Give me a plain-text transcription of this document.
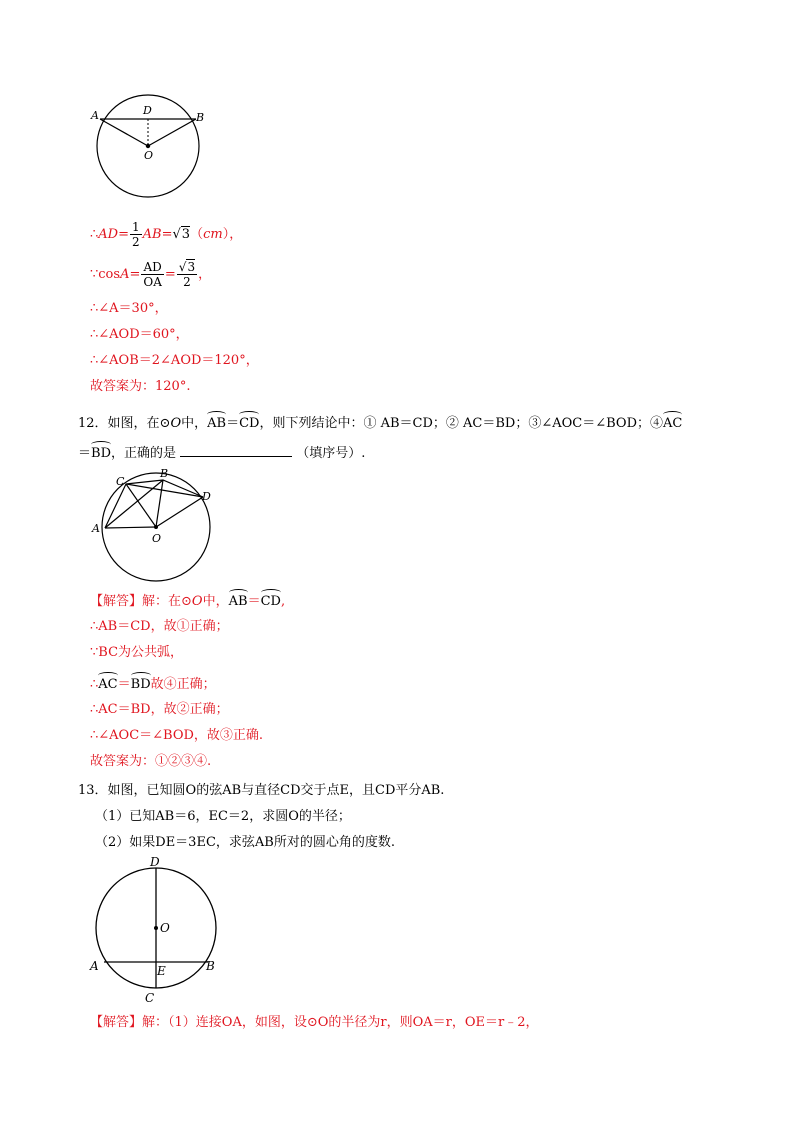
A	B
D
O
∴AD= $\frac{1}{2} AB=√3(cm)$，
∵cosA= $\frac{AD}{OA} = \frac{√3}{2}$ ，
∴∠A＝30°，
∴∠AOD＝60°，
∴∠AOB＝2∠AOD＝120°，
故答案为：120°.
12．如图，在⊙O中，AB＝CD，则下列结论中：① AB＝CD；② AC＝BD；③∠AOC＝∠BOD；④AC
＝BD，正确的是	（填序号）.
A
B
C
D
O
【解答】解：在⊙O中，AB＝CD,
∴AB＝CD，故①正确；
∵BC为公共弧，
∴AC＝BD故④正确；
∴AC＝BD，故②正确；
∴∠AOC＝∠BOD，故③正确.
故答案为：①②③④.
13．如图，已知圆O的弦AB与直径CD交于点E，且CD平分AB.
（1）已知AB＝6，EC＝2，求圆O的半径；
（2）如果DE＝3EC，求弦AB所对的圆心角的度数.
D
O
A	B
E
C
【解答】解：（1）连接OA，如图，设⊙O的半径为r，则OA＝r，OE＝r﹣2，
